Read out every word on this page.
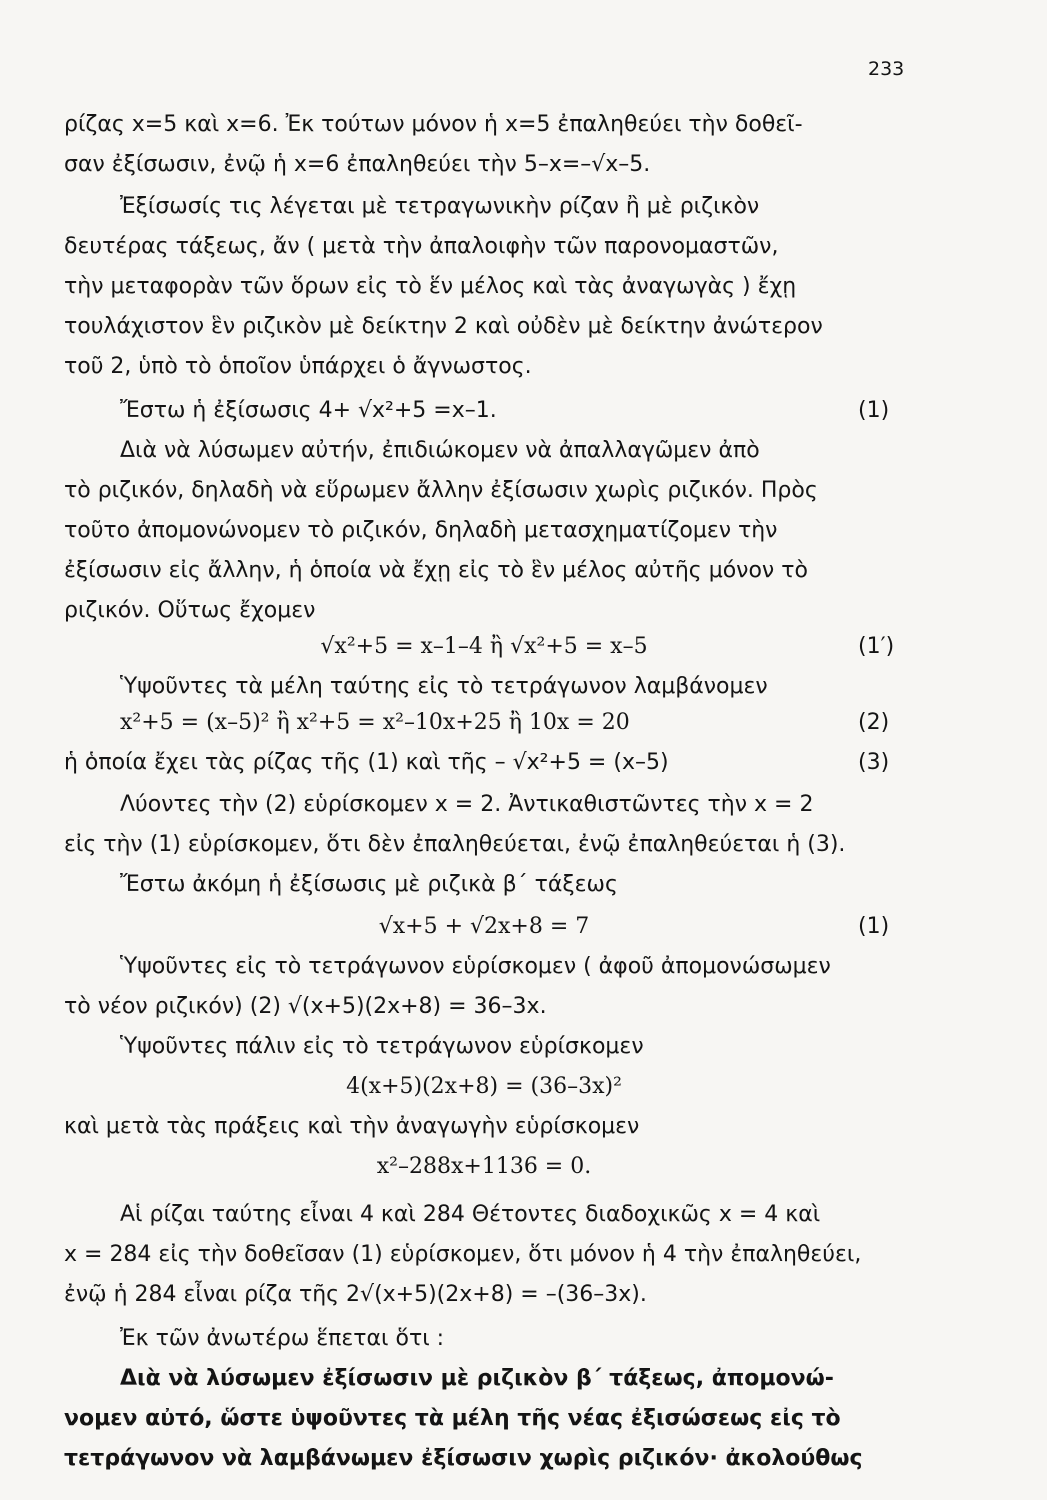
233
ρίζας x=5 καὶ x=6. Ἐκ τούτων μόνον ἡ x=5 ἐπαληθεύει τὴν δοθεῖ-
σαν ἐξίσωσιν, ἐνῷ ἡ x=6 ἐπαληθεύει τὴν 5–x=–√x–5.
Ἐξίσωσίς τις λέγεται μὲ τετραγωνικὴν ρίζαν ἢ μὲ ριζικὸν
δευτέρας τάξεως, ἄν ( μετὰ τὴν ἀπαλοιφὴν τῶν παρονομαστῶν,
τὴν μεταφορὰν τῶν ὅρων εἰς τὸ ἕν μέλος καὶ τὰς ἀναγωγὰς ) ἔχῃ
τουλάχιστον ἓν ριζικὸν μὲ δείκτην 2 καὶ οὐδὲν μὲ δείκτην ἀνώτερον
τοῦ 2, ὑπὸ τὸ ὁποῖον ὑπάρχει ὁ ἄγνωστος.
Ἔστω ἡ ἐξίσωσις 4+ √x²+5 =x–1.	(1)
Διὰ νὰ λύσωμεν αὐτήν, ἐπιδιώκομεν νὰ ἀπαλλαγῶμεν ἀπὸ
τὸ ριζικόν, δηλαδὴ νὰ εὕρωμεν ἄλλην ἐξίσωσιν χωρὶς ριζικόν. Πρὸς
τοῦτο ἀπομονώνομεν τὸ ριζικόν, δηλαδὴ μετασχηματίζομεν τὴν
ἐξίσωσιν εἰς ἄλλην, ἡ ὁποία νὰ ἔχῃ εἰς τὸ ἓν μέλος αὐτῆς μόνον τὸ
ριζικόν. Οὕτως ἔχομεν
√x²+5 = x–1–4 ἢ √x²+5 = x–5	(1′)
Ὑψοῦντες τὰ μέλη ταύτης εἰς τὸ τετράγωνον λαμβάνομεν
x²+5 = (x–5)² ἢ x²+5 = x²–10x+25 ἢ 10x = 20	(2)
ἡ ὁποία ἔχει τὰς ρίζας τῆς (1) καὶ τῆς – √x²+5 = (x–5)	(3)
Λύοντες τὴν (2) εὑρίσκομεν x = 2. Ἀντικαθιστῶντες τὴν x = 2
εἰς τὴν (1) εὑρίσκομεν, ὅτι δὲν ἐπαληθεύεται, ἐνῷ ἐπαληθεύεται ἡ (3).
Ἔστω ἀκόμη ἡ ἐξίσωσις μὲ ριζικὰ β΄ τάξεως
√x+5 + √2x+8 = 7	(1)
Ὑψοῦντες εἰς τὸ τετράγωνον εὑρίσκομεν ( ἀφοῦ ἀπομονώσωμεν
τὸ νέον ριζικόν) (2) √(x+5)(2x+8) = 36–3x.
Ὑψοῦντες πάλιν εἰς τὸ τετράγωνον εὑρίσκομεν
4(x+5)(2x+8) = (36–3x)²
καὶ μετὰ τὰς πράξεις καὶ τὴν ἀναγωγὴν εὑρίσκομεν
x²–288x+1136 = 0.
Αἱ ρίζαι ταύτης εἶναι 4 καὶ 284 Θέτοντες διαδοχικῶς x = 4 καὶ
x = 284 εἰς τὴν δοθεῖσαν (1) εὑρίσκομεν, ὅτι μόνον ἡ 4 τὴν ἐπαληθεύει,
ἐνῷ ἡ 284 εἶναι ρίζα τῆς 2√(x+5)(2x+8) = –(36–3x).
Ἐκ τῶν ἀνωτέρω ἕπεται ὅτι :
Διὰ νὰ λύσωμεν ἐξίσωσιν μὲ ριζικὸν β΄ τάξεως, ἀπομονώ-
νομεν αὐτό, ὥστε ὑψοῦντες τὰ μέλη τῆς νέας ἐξισώσεως εἰς τὸ
τετράγωνον νὰ λαμβάνωμεν ἐξίσωσιν χωρὶς ριζικόν· ἀκολούθως
